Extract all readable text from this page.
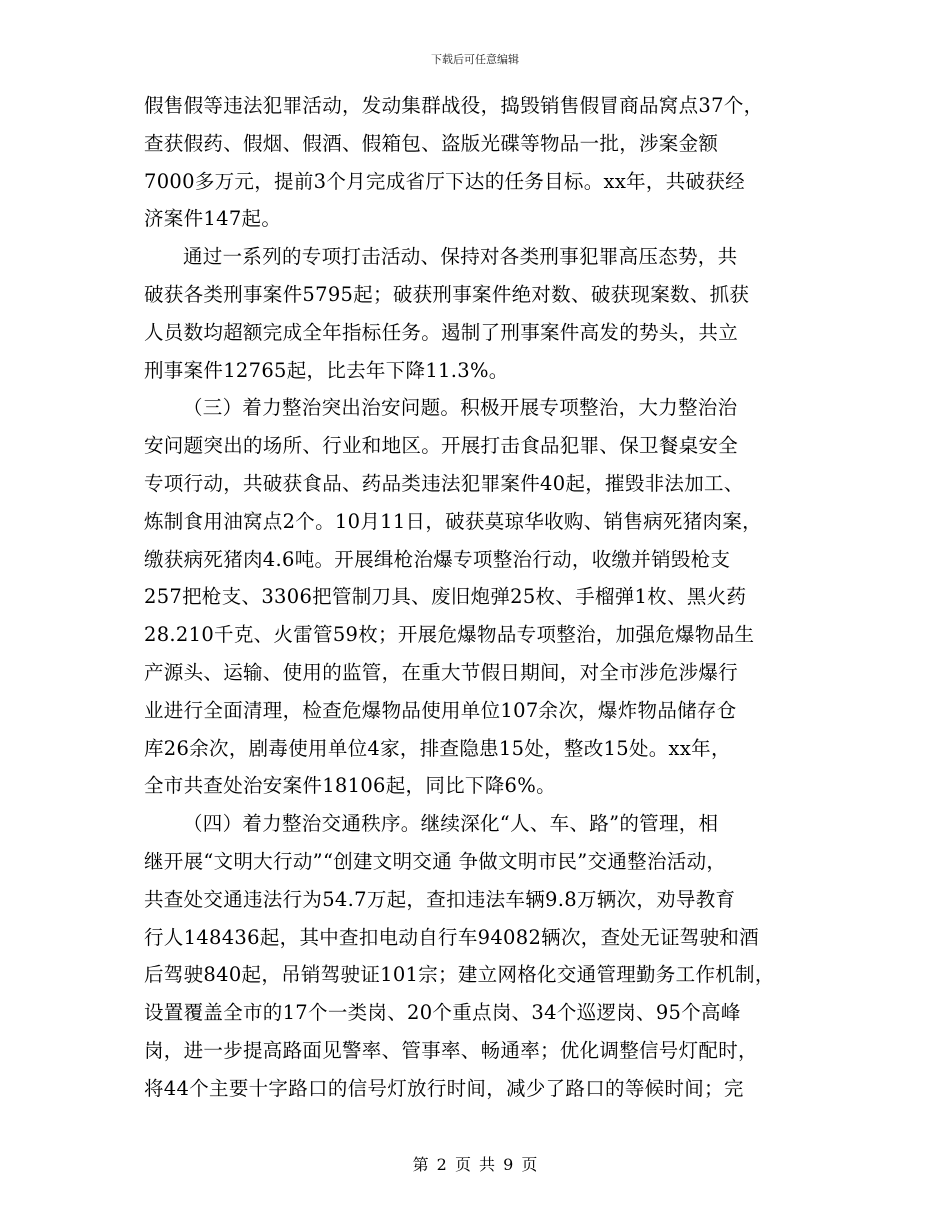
下载后可任意编辑
假售假等违法犯罪活动，发动集群战役，捣毁销售假冒商品窝点37个，
查获假药、假烟、假酒、假箱包、盗版光碟等物品一批，涉案金额
7000多万元，提前3个月完成省厅下达的任务目标。xx年，共破获经
济案件147起。
通过一系列的专项打击活动、保持对各类刑事犯罪高压态势，共
破获各类刑事案件5795起；破获刑事案件绝对数、破获现案数、抓获
人员数均超额完成全年指标任务。遏制了刑事案件高发的势头，共立
刑事案件12765起，比去年下降11.3%。
（三）着力整治突出治安问题。积极开展专项整治，大力整治治
安问题突出的场所、行业和地区。开展打击食品犯罪、保卫餐桌安全
专项行动，共破获食品、药品类违法犯罪案件40起，摧毁非法加工、
炼制食用油窝点2个。10月11日，破获莫琼华收购、销售病死猪肉案，
缴获病死猪肉4.6吨。开展缉枪治爆专项整治行动，收缴并销毁枪支
257把枪支、3306把管制刀具、废旧炮弹25枚、手榴弹1枚、黑火药
28.210千克、火雷管59枚；开展危爆物品专项整治，加强危爆物品生
产源头、运输、使用的监管，在重大节假日期间，对全市涉危涉爆行
业进行全面清理，检查危爆物品使用单位107余次，爆炸物品储存仓
库26余次，剧毒使用单位4家，排查隐患15处，整改15处。xx年，
全市共查处治安案件18106起，同比下降6%。
（四）着力整治交通秩序。继续深化“人、车、路”的管理，相
继开展“文明大行动”“创建文明交通 争做文明市民”交通整治活动，
共查处交通违法行为54.7万起，查扣违法车辆9.8万辆次，劝导教育
行人148436起，其中查扣电动自行车94082辆次，查处无证驾驶和酒
后驾驶840起，吊销驾驶证101宗；建立网格化交通管理勤务工作机制，
设置覆盖全市的17个一类岗、20个重点岗、34个巡逻岗、95个高峰
岗，进一步提高路面见警率、管事率、畅通率；优化调整信号灯配时，
将44个主要十字路口的信号灯放行时间，减少了路口的等候时间；完
第 2 页 共 9 页
